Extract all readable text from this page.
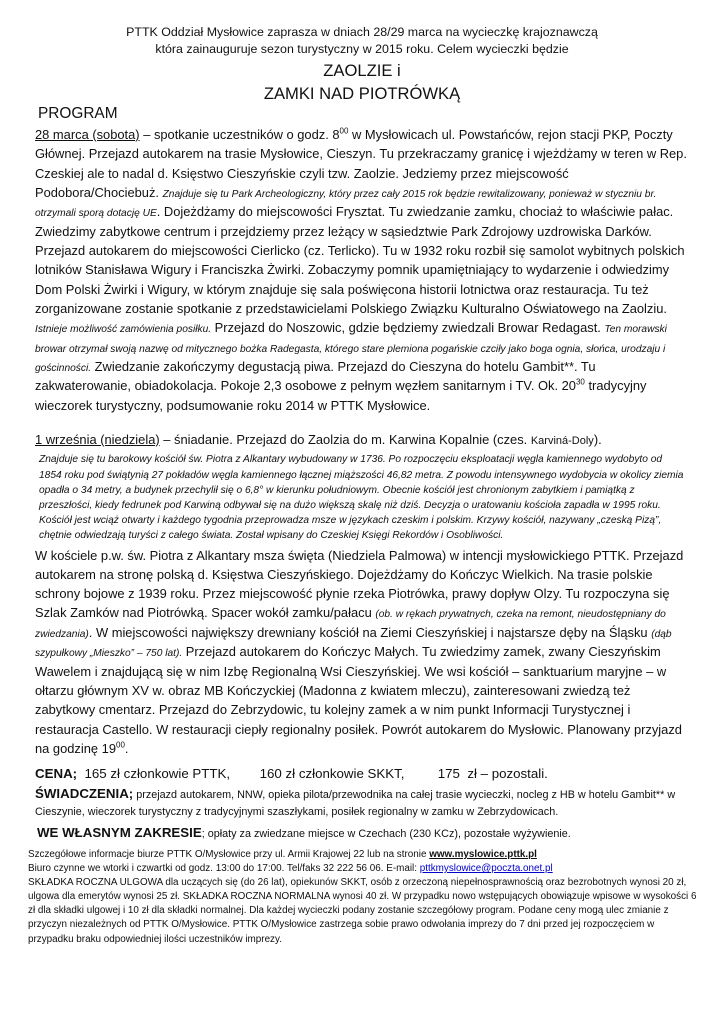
PTTK Oddział Mysłowice zaprasza w dniach 28/29 marca na wycieczkę krajoznawczą
która zainauguruje sezon turystyczny w 2015 roku. Celem wycieczki będzie
ZAOLZIE i
ZAMKI NAD PIOTRÓWKĄ
PROGRAM
28 marca (sobota) – spotkanie uczestników o godz. $8^{00}$ w Mysłowicach ul. Powstańców, rejon stacji PKP, Poczty Głównej. Przejazd autokarem na trasie Mysłowice, Cieszyn. Tu przekraczamy granicę i wjeżdżamy w teren w Rep. Czeskiej ale to nadal d. Księstwo Cieszyńskie czyli tzw. Zaolzie. Jedziemy przez miejscowość Podobora/Chociebuż. Znajduje się tu Park Archeologiczny, który przez cały 2015 rok będzie rewitalizowany, ponieważ w styczniu br. otrzymali sporą dotację UE. Dojeżdżamy do miejscowości Frysztat. Tu zwiedzanie zamku, chociaż to właściwie pałac. Zwiedzimy zabytkowe centrum i przejdziemy przez leżący w sąsiedztwie Park Zdrojowy uzdrowiska Darków. Przejazd autokarem do miejscowości Cierlicko (cz. Terlicko). Tu w 1932 roku rozbił się samolot wybitnych polskich lotników Stanisława Wigury i Franciszka Żwirki. Zobaczymy pomnik upamiętniający to wydarzenie i odwiedzimy Dom Polski Żwirki i Wigury, w którym znajduje się sala poświęcona historii lotnictwa oraz restauracja. Tu też zorganizowane zostanie spotkanie z przedstawicielami Polskiego Związku Kulturalno Oświatowego na Zaolziu. Istnieje możliwość zamówienia posiłku. Przejazd do Noszowic, gdzie będziemy zwiedzali Browar Redagast. Ten morawski browar otrzymał swoją nazwę od mitycznego bożka Radegasta, którego stare plemiona pogańskie czciły jako boga ognia, słońca, urodzaju i gościnności. Zwiedzanie zakończymy degustacją piwa. Przejazd do Cieszyna do hotelu Gambit**. Tu zakwaterowanie, obiadokolacja. Pokoje 2,3 osobowe z pełnym węzłem sanitarnym i TV. Ok. $20^{30}$ tradycyjny wieczorek turystyczny, podsumowanie roku 2014 w PTTK Mysłowice.
1 września (niedziela) – śniadanie. Przejazd do Zaolzia do m. Karwina Kopalnie (czes. Karviná-Doly).
Znajduje się tu barokowy kościół św. Piotra z Alkantary wybudowany w 1736. Po rozpoczęciu eksploatacji węgla kamiennego wydobyto od 1854 roku pod świątynią 27 pokładów węgla kamiennego łącznej miąższości 46,82 metra. Z powodu intensywnego wydobycia w okolicy ziemia opadła o 34 metry, a budynek przechylił się o 6,8° w kierunku południowym. Obecnie kościół jest chronionym zabytkiem i pamiątką z przeszłości, kiedy fedrunek pod Karwiną odbywał się na dużo większą skalę niż dziś. Decyzja o uratowaniu kościoła zapadła w 1995 roku. Kościół jest wciąż otwarty i każdego tygodnia przeprowadza msze w językach czeskim i polskim. Krzywy kościół, nazywany „czeską Pizą”, chętnie odwiedzają turyści z całego świata. Został wpisany do Czeskiej Księgi Rekordów i Osobliwości.
W kościele p.w. św. Piotra z Alkantary msza święta (Niedziela Palmowa) w intencji mysłowickiego PTTK. Przejazd autokarem na stronę polską d. Księstwa Cieszyńskiego. Dojeżdżamy do Kończyc Wielkich. Na trasie polskie schrony bojowe z 1939 roku. Przez miejscowość płynie rzeka Piotrówka, prawy dopływ Olzy. Tu rozpoczyna się Szlak Zamków nad Piotrówką. Spacer wokół zamku/pałacu (ob. w rękach prywatnych, czeka na remont, nieudostępniany do zwiedzania). W miejscowości największy drewniany kościół na Ziemi Cieszyńskiej i najstarsze dęby na Śląsku (dąb szypułkowy „Mieszko” – 750 lat). Przejazd autokarem do Kończyc Małych. Tu zwiedzimy zamek, zwany Cieszyńskim Wawelem i znajdującą się w nim Izbę Regionalną Wsi Cieszyńskiej. We wsi kościół – sanktuarium maryjne – w ołtarzu głównym XV w. obraz MB Kończyckiej (Madonna z kwiatem mleczu), zainteresowani zwiedzą też zabytkowy cmentarz. Przejazd do Zebrzydowic, tu kolejny zamek a w nim punkt Informacji Turystycznej i restauracja Castello. W restauracji ciepły regionalny posiłek. Powrót autokarem do Mysłowic. Planowany przyjazd na godzinę $19^{00}$.
CENA;  165 zł członkowie PTTK,        160 zł członkowie SKKT,         175  zł – pozostali.
ŚWIADCZENIA; przejazd autokarem, NNW, opieka pilota/przewodnika na całej trasie wycieczki, nocleg z HB w hotelu Gambit** w Cieszynie, wieczorek turystyczny z tradycyjnymi szaszłykami, posiłek regionalny w zamku w Zebrzydowicach.
WE WŁASNYM ZAKRESIE; opłaty za zwiedzane miejsce w Czechach (230 KCz), pozostałe wyżywienie.
Szczegółowe informacje biurze PTTK O/Mysłowice przy ul. Armii Krajowej 22 lub na stronie www.myslowice.pttk.pl
Biuro czynne we wtorki i czwartki od godz. 13:00 do 17:00. Tel/faks 32 222 56 06. E-mail: pttkmyslowice@poczta.onet.pl
SKŁADKA ROCZNA ULGOWA dla uczących się (do 26 lat), opiekunów SKKT, osób z orzeczoną niepełnosprawnością oraz bezrobotnych wynosi 20 zł, ulgowa dla emerytów wynosi 25 zł. SKŁADKA ROCZNA NORMALNA wynosi 40 zł. W przypadku nowo wstępujących obowiązuje wpisowe w wysokości 6 zł dla składki ulgowej i 10 zł dla składki normalnej. Dla każdej wycieczki podany zostanie szczegółowy program. Podane ceny mogą ulec zmianie z przyczyn niezależnych od PTTK O/Mysłowice. PTTK O/Mysłowice zastrzega sobie prawo odwołania imprezy do 7 dni przed jej rozpoczęciem w przypadku braku odpowiedniej ilości uczestników imprezy.
